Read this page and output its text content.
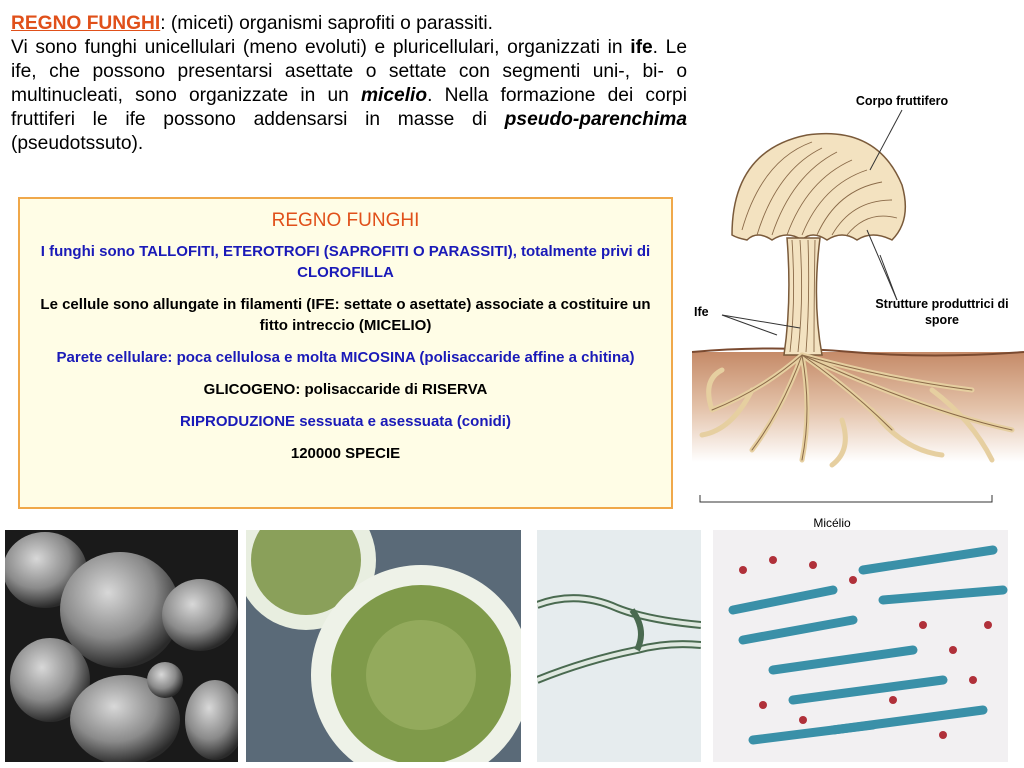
REGNO FUNGHI: (miceti) organismi saprofiti o parassiti.
Vi sono funghi unicellulari (meno evoluti) e pluricellulari, organizzati in ife. Le ife, che possono presentarsi asettate o settate con segmenti uni-, bi- o multinucleati, sono organizzate in un micelio. Nella formazione dei corpi fruttiferi le ife possono addensarsi in masse di pseudo-parenchima (pseudotssuto).
REGNO FUNGHI

I funghi sono TALLOFITI, ETEROTROFI (SAPROFITI O PARASSITI), totalmente privi di CLOROFILLA

Le cellule sono allungate in filamenti (IFE: settate o asettate) associate a costituire un fitto intreccio (MICELIO)

Parete cellulare: poca cellulosa e molta MICOSINA (polisaccaride affine a chitina)

GLICOGENO: polisaccaride di RISERVA

RIPRODUZIONE sessuata e asessuata (conidi)

120000 SPECIE

Corpo fruttifero
Strutture produttrici di spore
Ife
Micélio
